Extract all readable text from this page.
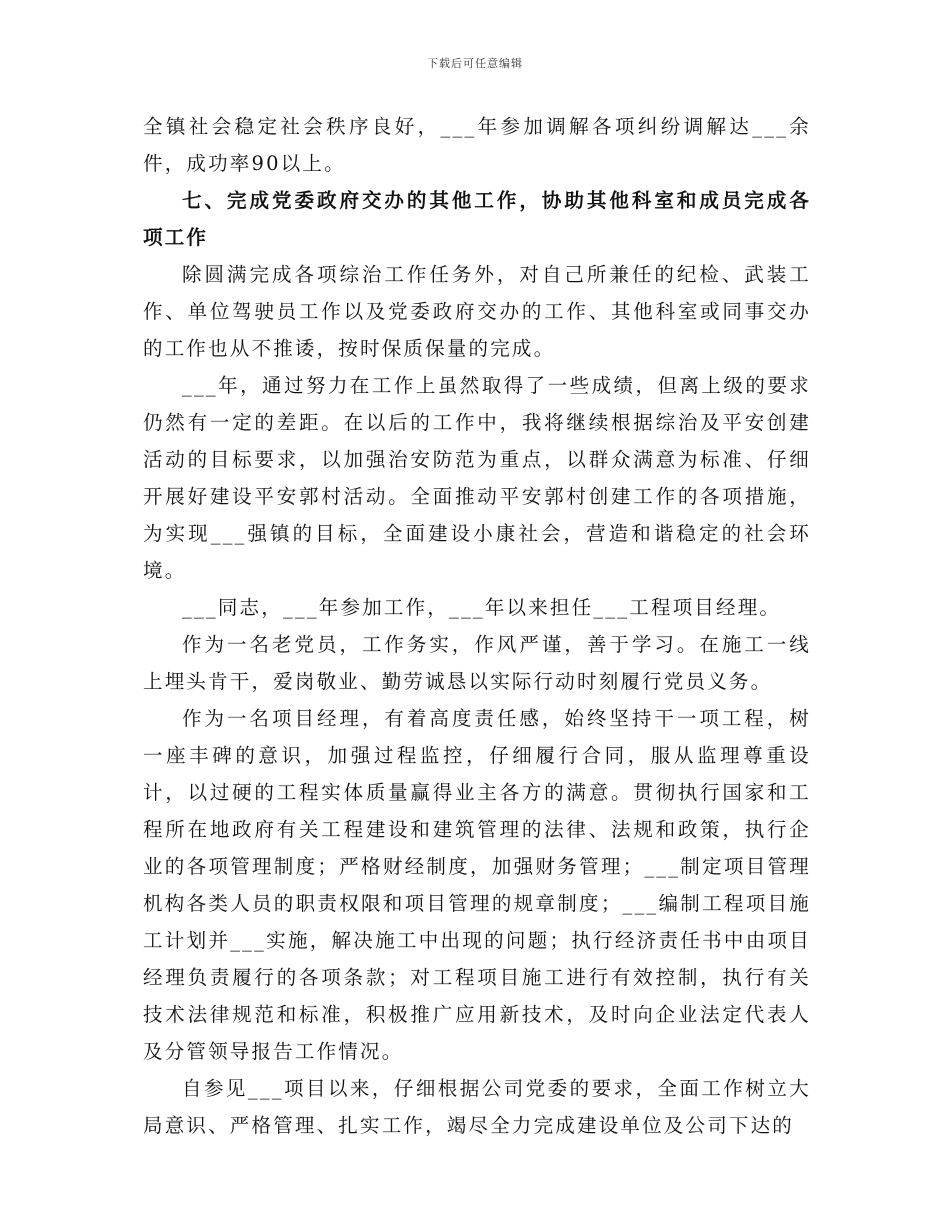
下载后可任意编辑

全镇社会稳定社会秩序良好，___年参加调解各项纠纷调解达___余件，成功率90以上。

七、完成党委政府交办的其他工作，协助其他科室和成员完成各项工作

除圆满完成各项综治工作任务外，对自己所兼任的纪检、武装工作、单位驾驶员工作以及党委政府交办的工作、其他科室或同事交办的工作也从不推诿，按时保质保量的完成。

___年，通过努力在工作上虽然取得了一些成绩，但离上级的要求仍然有一定的差距。在以后的工作中，我将继续根据综治及平安创建活动的目标要求，以加强治安防范为重点，以群众满意为标准、仔细开展好建设平安郭村活动。全面推动平安郭村创建工作的各项措施，为实现___强镇的目标，全面建设小康社会，营造和谐稳定的社会环境。

___同志，___年参加工作，___年以来担任___工程项目经理。

作为一名老党员，工作务实，作风严谨，善于学习。在施工一线上埋头肯干，爱岗敬业、勤劳诚恳以实际行动时刻履行党员义务。

作为一名项目经理，有着高度责任感，始终坚持干一项工程，树一座丰碑的意识，加强过程监控，仔细履行合同，服从监理尊重设计，以过硬的工程实体质量赢得业主各方的满意。贯彻执行国家和工程所在地政府有关工程建设和建筑管理的法律、法规和政策，执行企业的各项管理制度；严格财经制度，加强财务管理；___制定项目管理机构各类人员的职责权限和项目管理的规章制度；___编制工程项目施工计划并___实施，解决施工中出现的问题；执行经济责任书中由项目经理负责履行的各项条款；对工程项目施工进行有效控制，执行有关技术法律规范和标准，积极推广应用新技术，及时向企业法定代表人及分管领导报告工作情况。

自参见___项目以来，仔细根据公司党委的要求，全面工作树立大局意识、严格管理、扎实工作，竭尽全力完成建设单位及公司下达的
